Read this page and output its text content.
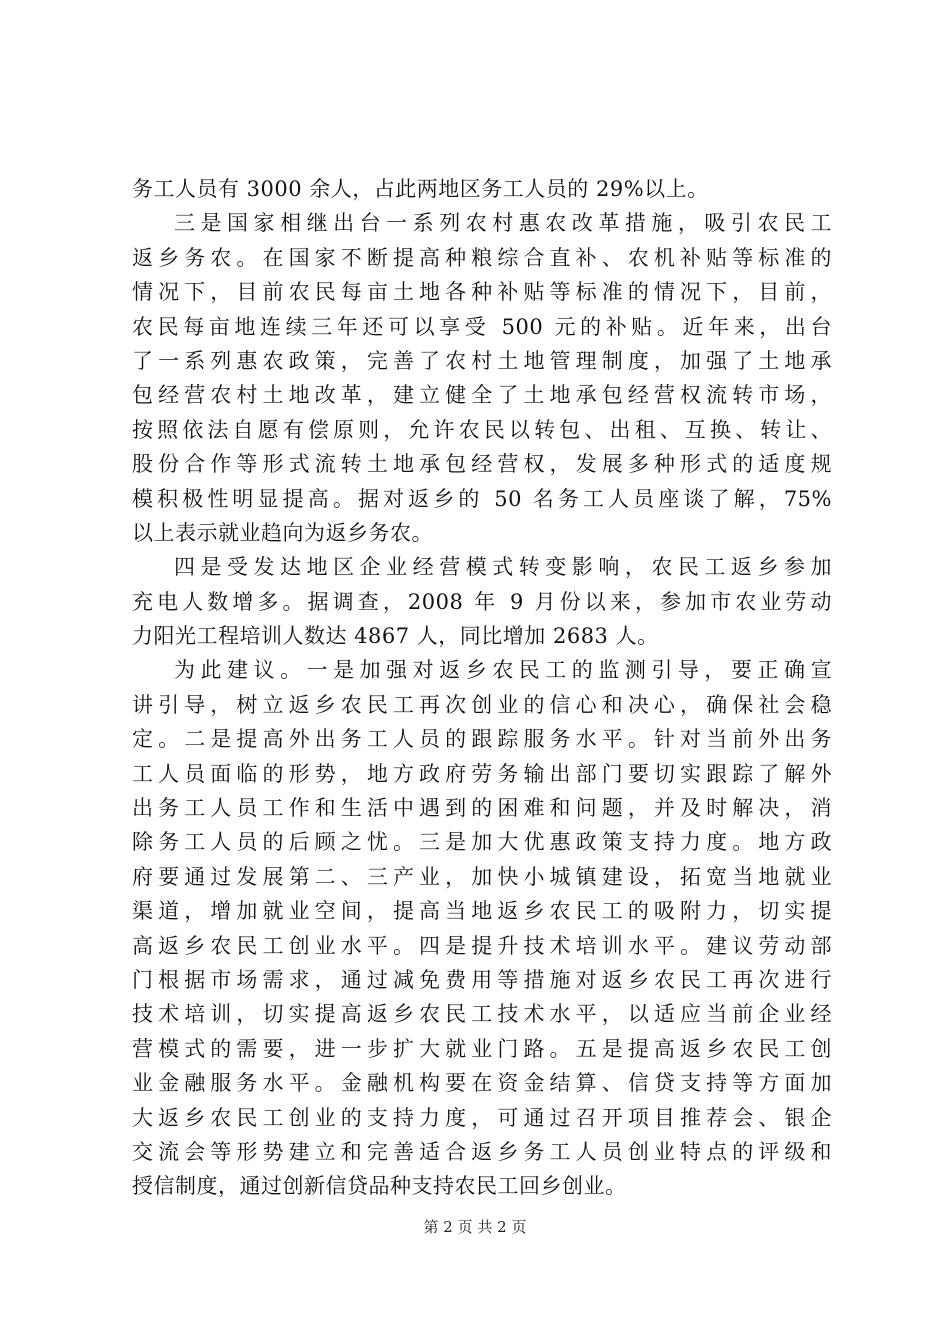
务工人员有 3000 余人，占此两地区务工人员的 29%以上。
三是国家相继出台一系列农村惠农改革措施，吸引农民工
返乡务农。在国家不断提高种粮综合直补、农机补贴等标准的
情况下，目前农民每亩土地各种补贴等标准的情况下，目前，
农民每亩地连续三年还可以享受 500 元的补贴。近年来，出台
了一系列惠农政策，完善了农村土地管理制度，加强了土地承
包经营农村土地改革，建立健全了土地承包经营权流转市场，
按照依法自愿有偿原则，允许农民以转包、出租、互换、转让、
股份合作等形式流转土地承包经营权，发展多种形式的适度规
模积极性明显提高。据对返乡的 50 名务工人员座谈了解，75%
以上表示就业趋向为返乡务农。
四是受发达地区企业经营模式转变影响，农民工返乡参加
充电人数增多。据调查，2008 年 9 月份以来，参加市农业劳动
力阳光工程培训人数达 4867 人，同比增加 2683 人。
为此建议。一是加强对返乡农民工的监测引导，要正确宣
讲引导，树立返乡农民工再次创业的信心和决心，确保社会稳
定。二是提高外出务工人员的跟踪服务水平。针对当前外出务
工人员面临的形势，地方政府劳务输出部门要切实跟踪了解外
出务工人员工作和生活中遇到的困难和问题，并及时解决，消
除务工人员的后顾之忧。三是加大优惠政策支持力度。地方政
府要通过发展第二、三产业，加快小城镇建设，拓宽当地就业
渠道，增加就业空间，提高当地返乡农民工的吸附力，切实提
高返乡农民工创业水平。四是提升技术培训水平。建议劳动部
门根据市场需求，通过减免费用等措施对返乡农民工再次进行
技术培训，切实提高返乡农民工技术水平，以适应当前企业经
营模式的需要，进一步扩大就业门路。五是提高返乡农民工创
业金融服务水平。金融机构要在资金结算、信贷支持等方面加
大返乡农民工创业的支持力度，可通过召开项目推荐会、银企
交流会等形势建立和完善适合返乡务工人员创业特点的评级和
授信制度，通过创新信贷品种支持农民工回乡创业。
第 2 页 共 2 页
